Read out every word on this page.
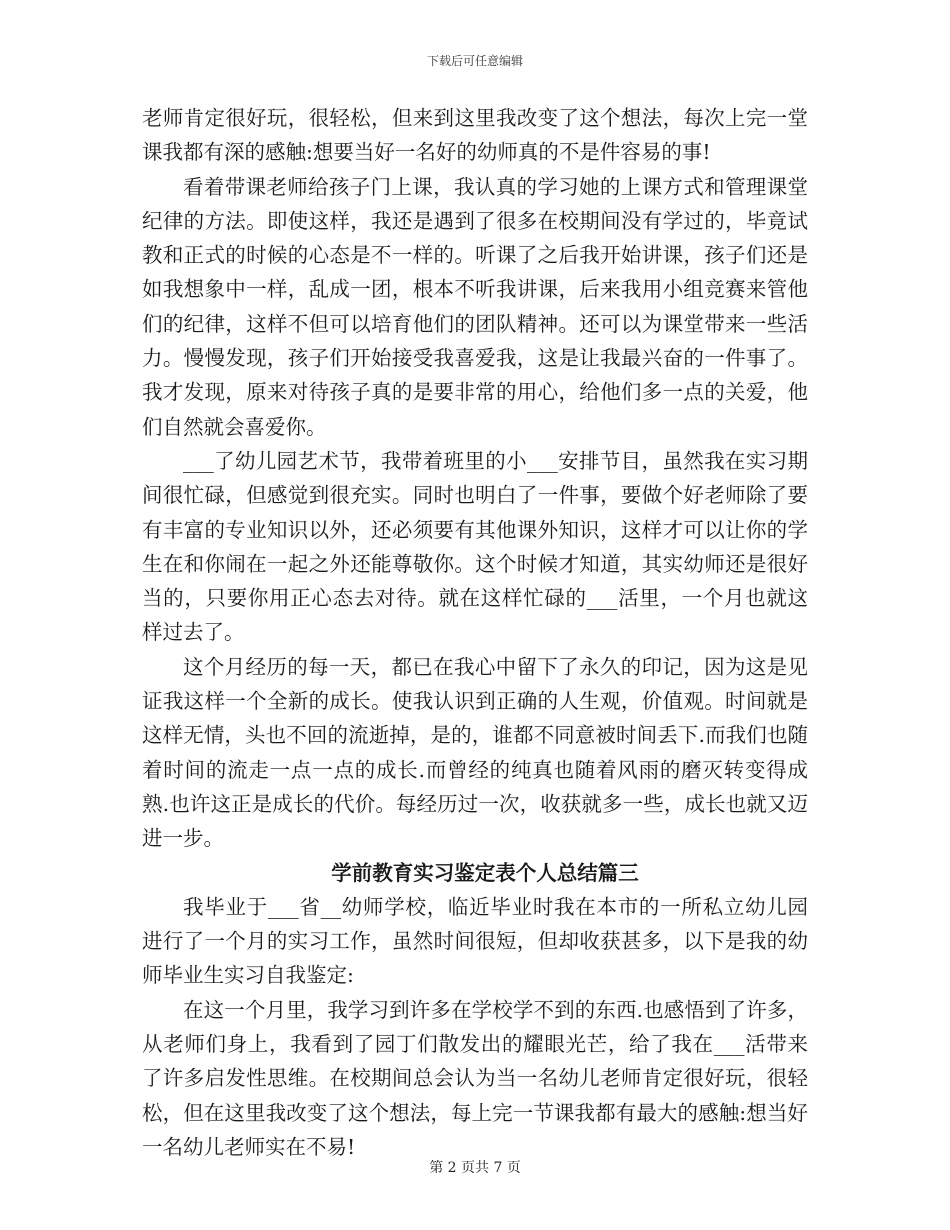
下载后可任意编辑

老师肯定很好玩，很轻松，但来到这里我改变了这个想法，每次上完一堂课我都有深的感触:想要当好一名好的幼师真的不是件容易的事!

看着带课老师给孩子门上课，我认真的学习她的上课方式和管理课堂纪律的方法。即使这样，我还是遇到了很多在校期间没有学过的，毕竟试教和正式的时候的心态是不一样的。听课了之后我开始讲课，孩子们还是如我想象中一样，乱成一团，根本不听我讲课，后来我用小组竞赛来管他们的纪律，这样不但可以培育他们的团队精神。还可以为课堂带来一些活力。慢慢发现，孩子们开始接受我喜爱我，这是让我最兴奋的一件事了。我才发现，原来对待孩子真的是要非常的用心，给他们多一点的关爱，他们自然就会喜爱你。

___了幼儿园艺术节，我带着班里的小___安排节目，虽然我在实习期间很忙碌，但感觉到很充实。同时也明白了一件事，要做个好老师除了要有丰富的专业知识以外，还必须要有其他课外知识，这样才可以让你的学生在和你闹在一起之外还能尊敬你。这个时候才知道，其实幼师还是很好当的，只要你用正心态去对待。就在这样忙碌的___活里，一个月也就这样过去了。

这个月经历的每一天，都已在我心中留下了永久的印记，因为这是见证我这样一个全新的成长。使我认识到正确的人生观，价值观。时间就是这样无情，头也不回的流逝掉，是的，谁都不同意被时间丢下.而我们也随着时间的流走一点一点的成长.而曾经的纯真也随着风雨的磨灭转变得成熟.也许这正是成长的代价。每经历过一次，收获就多一些，成长也就又迈进一步。

学前教育实习鉴定表个人总结篇三

我毕业于___省__幼师学校，临近毕业时我在本市的一所私立幼儿园进行了一个月的实习工作，虽然时间很短，但却收获甚多，以下是我的幼师毕业生实习自我鉴定:

在这一个月里，我学习到许多在学校学不到的东西.也感悟到了许多，从老师们身上，我看到了园丁们散发出的耀眼光芒，给了我在___活带来了许多启发性思维。在校期间总会认为当一名幼儿老师肯定很好玩，很轻松，但在这里我改变了这个想法，每上完一节课我都有最大的感触:想当好一名幼儿老师实在不易!

第 2 页共 7 页
